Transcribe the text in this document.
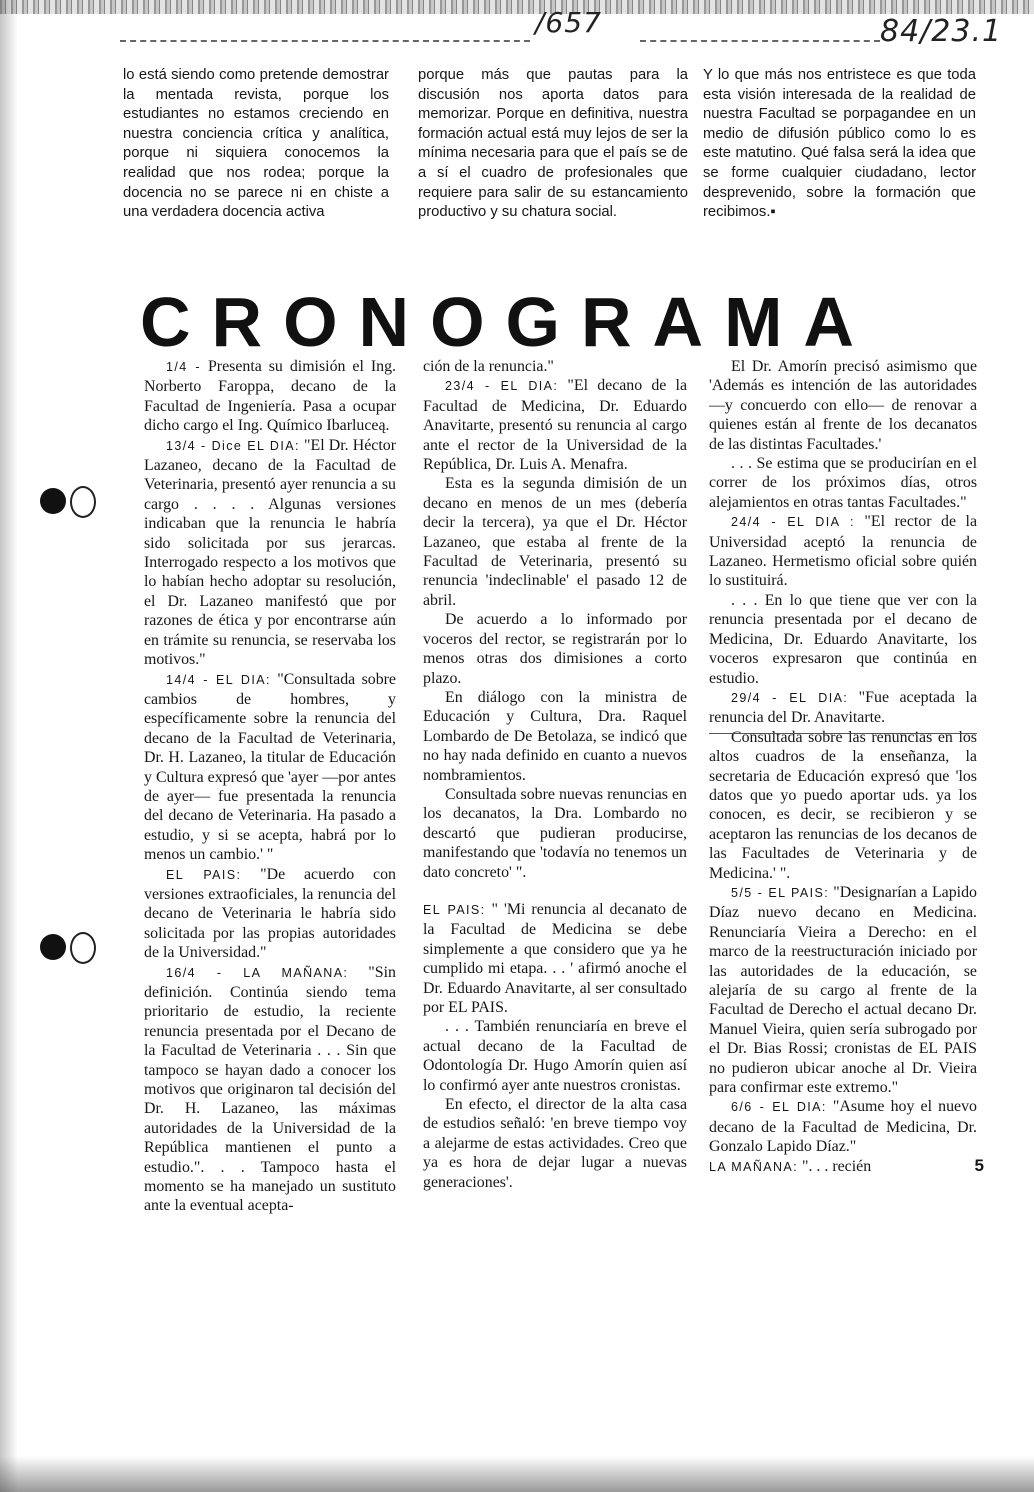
/657	84/23.1
lo está siendo como pretende demostrar la mentada revista, porque los estudiantes no estamos creciendo en nuestra conciencia crítica y analítica, porque ni siquiera conocemos la realidad que nos rodea; porque la docencia no se parece ni en chiste a una verdadera docencia activa
porque más que pautas para la discusión nos aporta datos para memorizar. Porque en definitiva, nuestra formación actual está muy lejos de ser la mínima necesaria para que el país se de a sí el cuadro de profesionales que requiere para salir de su estancamiento productivo y su chatura social.
Y lo que más nos entristece es que toda esta visión interesada de la realidad de nuestra Facultad se porpagandee en un medio de difusión público como lo es este matutino. Qué falsa será la idea que se forme cualquier ciudadano, lector desprevenido, sobre la formación que recibimos.▪
CRONOGRAMA

1/4 - Presenta su dimisión el Ing. Norberto Faroppa, decano de la Facultad de Ingeniería. Pasa a ocupar dicho cargo el Ing. Químico Ibarluceą.

13/4 - Dice EL DIA: "El Dr. Héctor Lazaneo, decano de la Facultad de Veterinaria, presentó ayer renuncia a su cargo . . . . Algunas versiones indicaban que la renuncia le habría sido solicitada por sus jerarcas. Interrogado respecto a los motivos que lo habían hecho adoptar su resolución, el Dr. Lazaneo manifestó que por razones de ética y por encontrarse aún en trámite su renuncia, se reservaba los motivos."

14/4 - EL DIA: "Consultada sobre cambios de hombres, y específicamente sobre la renuncia del decano de la Facultad de Veterinaria, Dr. H. Lazaneo, la titular de Educación y Cultura expresó que 'ayer —por antes de ayer— fue presentada la renuncia del decano de Veterinaria. Ha pasado a estudio, y si se acepta, habrá por lo menos un cambio.' "

EL PAIS: "De acuerdo con versiones extraoficiales, la renuncia del decano de Veterinaria le habría sido solicitada por las propias autoridades de la Universidad."

16/4 - LA MAÑANA: "Sin definición. Continúa siendo tema prioritario de estudio, la reciente renuncia presentada por el Decano de la Facultad de Veterinaria . . . Sin que tampoco se hayan dado a conocer los motivos que originaron tal decisión del Dr. H. Lazaneo, las máximas autoridades de la Universidad de la República mantienen el punto a estudio.". . . Tampoco hasta el momento se ha manejado un sustituto ante la eventual acepta-

ción de la renuncia."

23/4 - EL DIA: "El decano de la Facultad de Medicina, Dr. Eduardo Anavitarte, presentó su renuncia al cargo ante el rector de la Universidad de la República, Dr. Luis A. Menafra.

Esta es la segunda dimisión de un decano en menos de un mes (debería decir la tercera), ya que el Dr. Héctor Lazaneo, que estaba al frente de la Facultad de Veterinaria, presentó su renuncia 'indeclinable' el pasado 12 de abril.

De acuerdo a lo informado por voceros del rector, se registrarán por lo menos otras dos dimisiones a corto plazo.

En diálogo con la ministra de Educación y Cultura, Dra. Raquel Lombardo de De Betolaza, se indicó que no hay nada definido en cuanto a nuevos nombramientos.

Consultada sobre nuevas renuncias en los decanatos, la Dra. Lombardo no descartó que pudieran producirse, manifestando que 'todavía no tenemos un dato concreto' ".

EL PAIS: " 'Mi renuncia al decanato de la Facultad de Medicina se debe simplemente a que considero que ya he cumplido mi etapa. . . ' afirmó anoche el Dr. Eduardo Anavitarte, al ser consultado por EL PAIS.

. . . También renunciaría en breve el actual decano de la Facultad de Odontología Dr. Hugo Amorín quien así lo confirmó ayer ante nuestros cronistas.

En efecto, el director de la alta casa de estudios señaló: 'en breve tiempo voy a alejarme de estas actividades. Creo que ya es hora de dejar lugar a nuevas generaciones'.

El Dr. Amorín precisó asimismo que 'Además es intención de las autoridades —y concuerdo con ello— de renovar a quienes están al frente de los decanatos de las distintas Facultades.'

. . . Se estima que se producirían en el correr de los próximos días, otros alejamientos en otras tantas Facultades."

24/4 - EL DIA : "El rector de la Universidad aceptó la renuncia de Lazaneo. Hermetismo oficial sobre quién lo sustituirá.

. . . En lo que tiene que ver con la renuncia presentada por el decano de Medicina, Dr. Eduardo Anavitarte, los voceros expresaron que continúa en estudio.

29/4 - EL DIA: "Fue aceptada la renuncia del Dr. Anavitarte.

Consultada sobre las renuncias en los altos cuadros de la enseñanza, la secretaria de Educación expresó que 'los datos que yo puedo aportar uds. ya los conocen, es decir, se recibieron y se aceptaron las renuncias de los decanos de las Facultades de Veterinaria y de Medicina.' ".

5/5 - EL PAIS: "Designarían a Lapido Díaz nuevo decano en Medicina. Renunciaría Vieira a Derecho: en el marco de la reestructuración iniciado por las autoridades de la educación, se alejaría de su cargo al frente de la Facultad de Derecho el actual decano Dr. Manuel Vieira, quien sería subrogado por el Dr. Bias Rossi; cronistas de EL PAIS no pudieron ubicar anoche al Dr. Vieira para confirmar este extremo."

6/6 - EL DIA: "Asume hoy el nuevo decano de la Facultad de Medicina, Dr. Gonzalo Lapido Díaz."

LA MAÑANA: ". . . recién	5
